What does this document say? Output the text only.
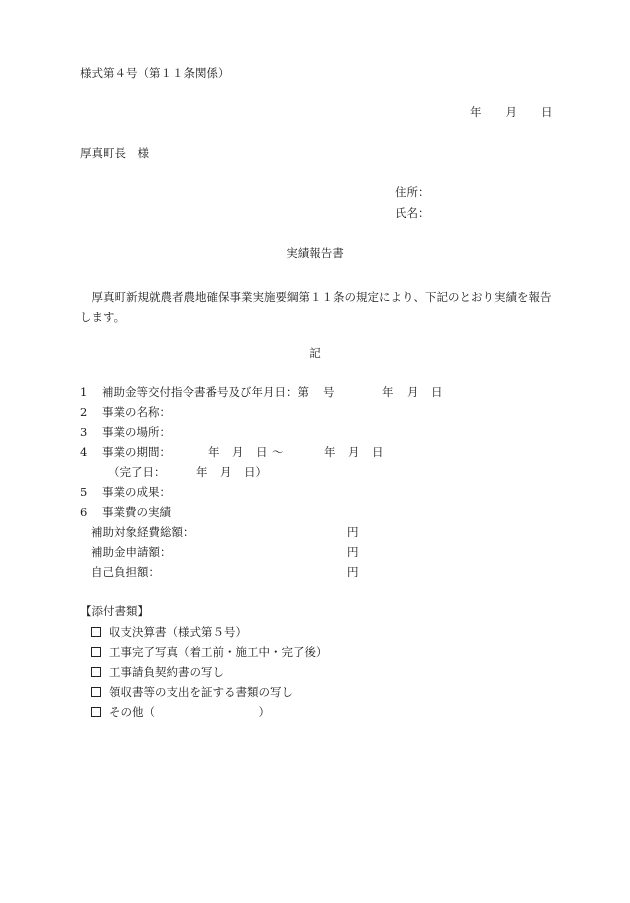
様式第４号（第１１条関係）
年 月 日
厚真町長　様
住所：
氏名：
実績報告書
厚真町新規就農者農地確保事業実施要綱第１１条の規定により、下記のとおり実績を報告します。
記
1 補助金等交付指令書番号及び年月日：第 号	年 月 日
2 事業の名称：
3 事業の場所：
4 事業の期間：	年 月 日 〜	年 月 日
（完了日：	年 月 日）
5 事業の成果：
6 事業費の実績
補助対象経費総額：	円
補助金申請額：	円
自己負担額：	円
【添付書類】
収支決算書（様式第５号）
工事完了写真（着工前・施工中・完了後）
工事請負契約書の写し
領収書等の支出を証する書類の写し
その他（　　　　　　　　　）
